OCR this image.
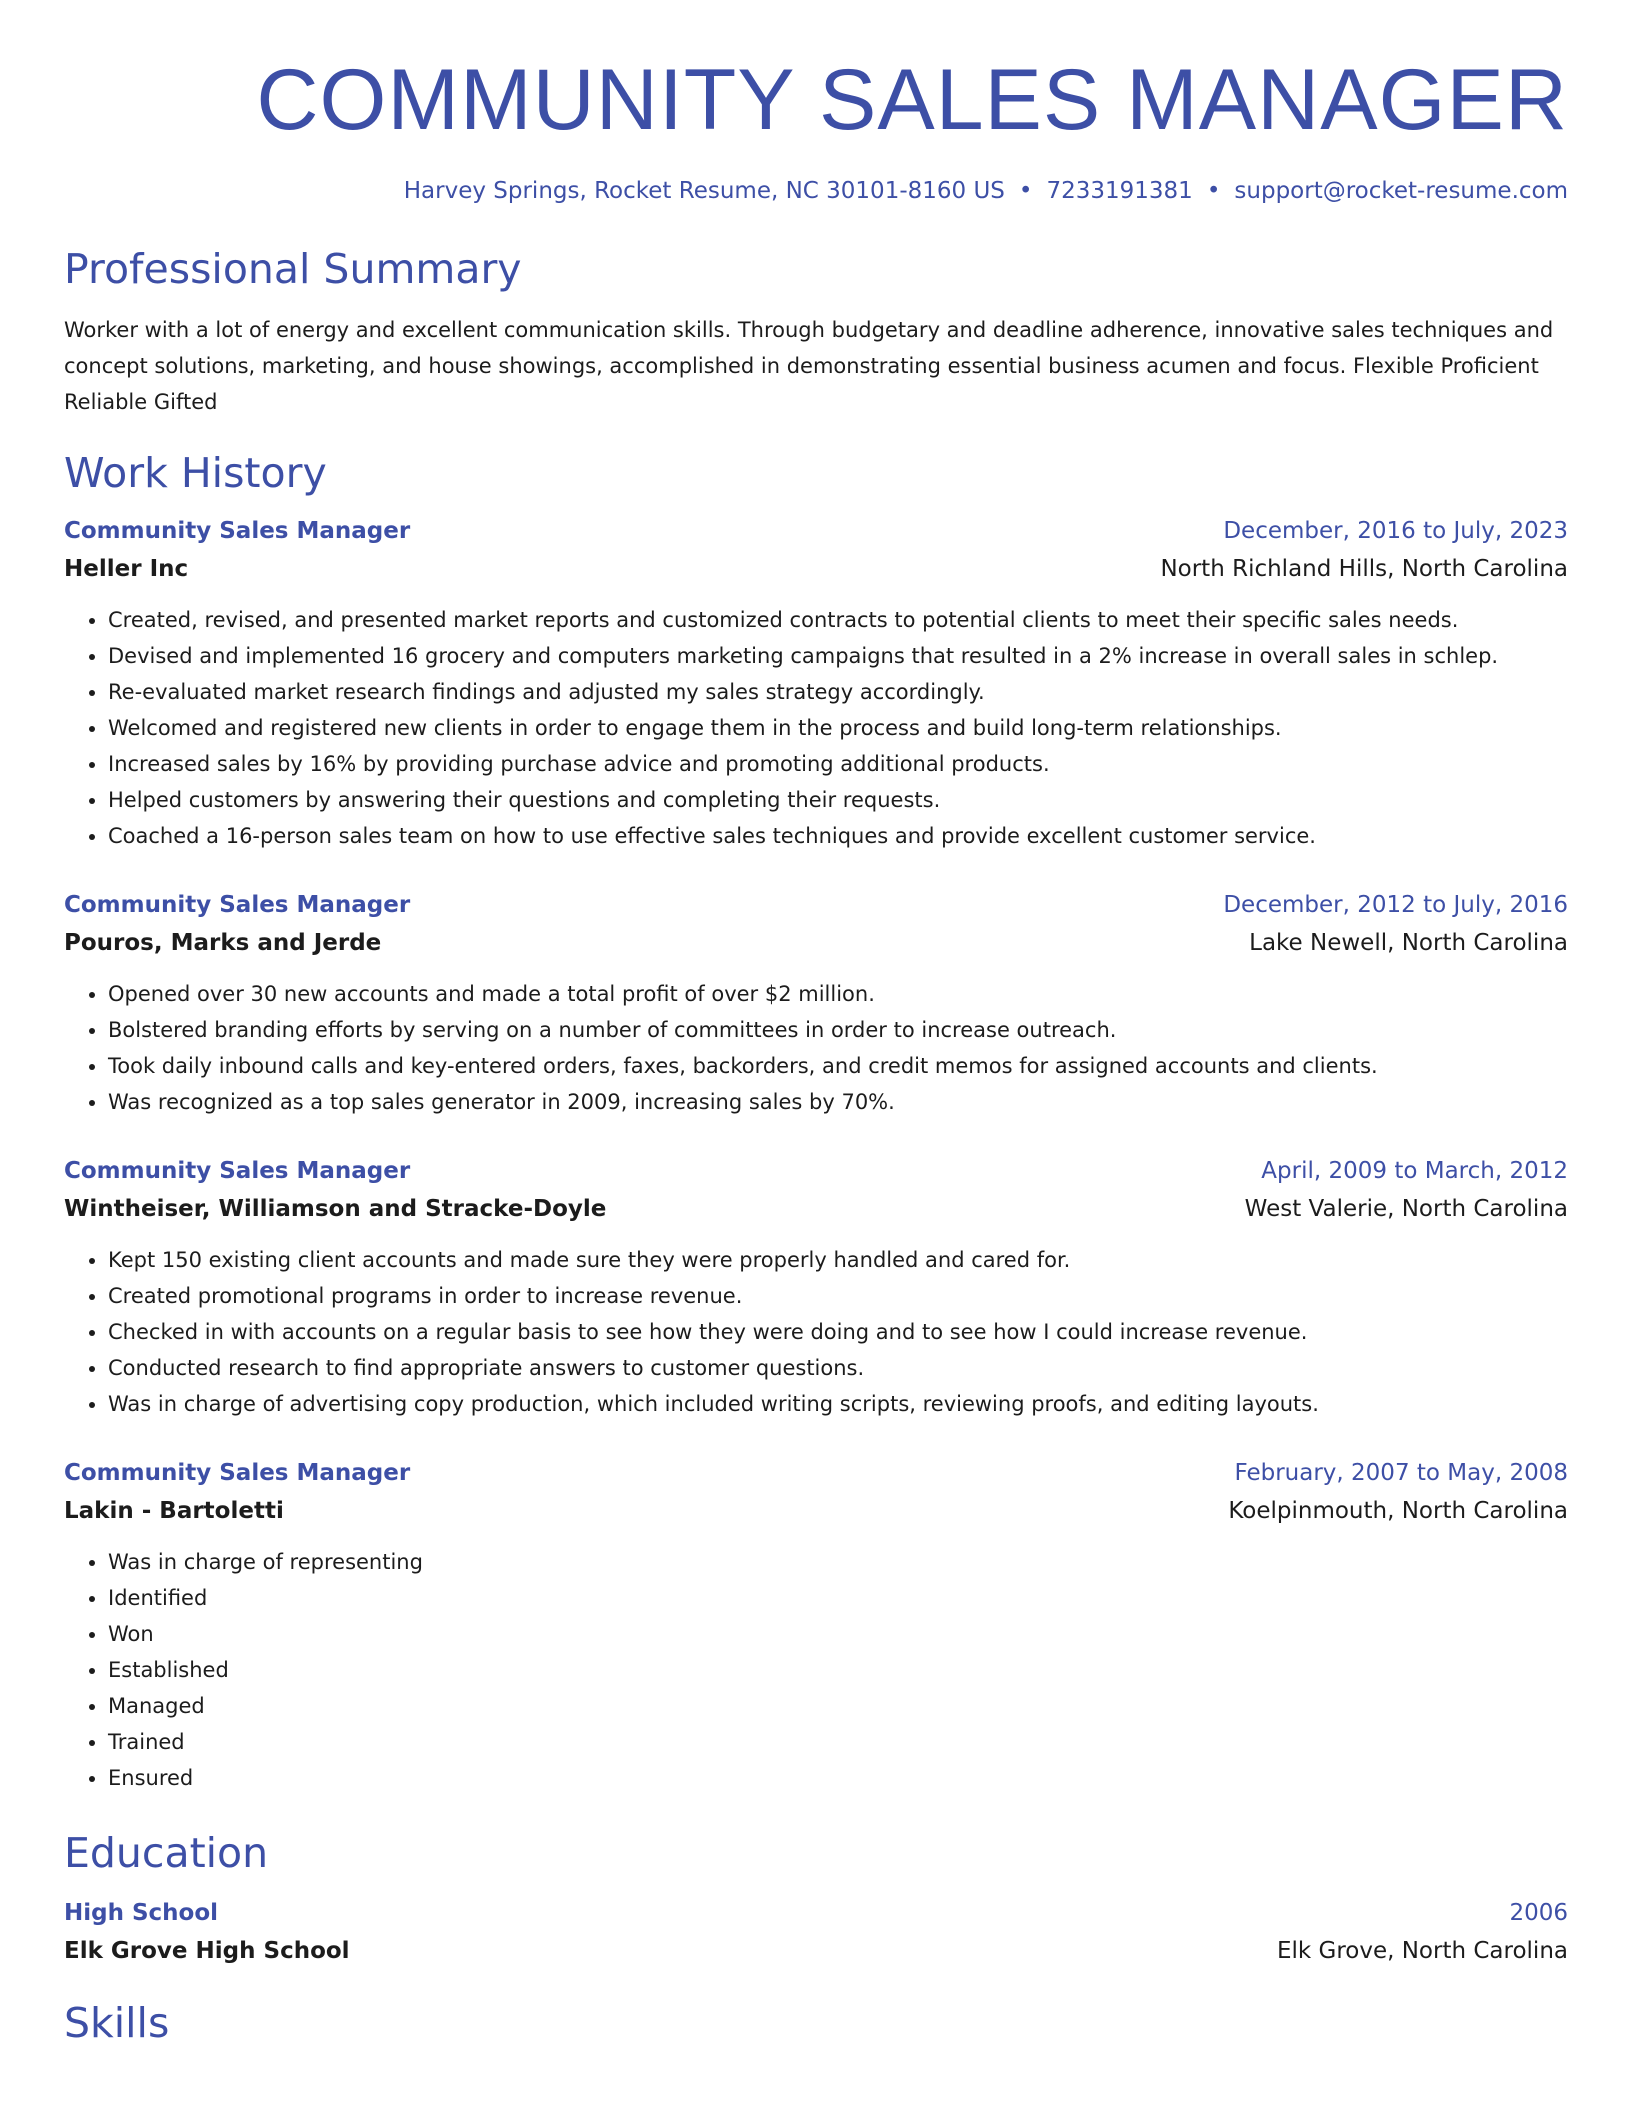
COMMUNITY SALES MANAGER
Harvey Springs, Rocket Resume, NC 30101-8160 US • 7233191381 • support@rocket-resume.com
Professional Summary
Worker with a lot of energy and excellent communication skills. Through budgetary and deadline adherence, innovative sales techniques and concept solutions, marketing, and house showings, accomplished in demonstrating essential business acumen and focus. Flexible Proficient Reliable Gifted
Work History
Community Sales Manager	December, 2016 to July, 2023
Heller Inc	North Richland Hills, North Carolina
• Created, revised, and presented market reports and customized contracts to potential clients to meet their specific sales needs.
• Devised and implemented 16 grocery and computers marketing campaigns that resulted in a 2% increase in overall sales in schlep.
• Re-evaluated market research findings and adjusted my sales strategy accordingly.
• Welcomed and registered new clients in order to engage them in the process and build long-term relationships.
• Increased sales by 16% by providing purchase advice and promoting additional products.
• Helped customers by answering their questions and completing their requests.
• Coached a 16-person sales team on how to use effective sales techniques and provide excellent customer service.
Community Sales Manager	December, 2012 to July, 2016
Pouros, Marks and Jerde	Lake Newell, North Carolina
• Opened over 30 new accounts and made a total profit of over $2 million.
• Bolstered branding efforts by serving on a number of committees in order to increase outreach.
• Took daily inbound calls and key-entered orders, faxes, backorders, and credit memos for assigned accounts and clients.
• Was recognized as a top sales generator in 2009, increasing sales by 70%.
Community Sales Manager	April, 2009 to March, 2012
Wintheiser, Williamson and Stracke-Doyle	West Valerie, North Carolina
• Kept 150 existing client accounts and made sure they were properly handled and cared for.
• Created promotional programs in order to increase revenue.
• Checked in with accounts on a regular basis to see how they were doing and to see how I could increase revenue.
• Conducted research to find appropriate answers to customer questions.
• Was in charge of advertising copy production, which included writing scripts, reviewing proofs, and editing layouts.
Community Sales Manager	February, 2007 to May, 2008
Lakin - Bartoletti	Koelpinmouth, North Carolina
• Was in charge of representing
• Identified
• Won
• Established
• Managed
• Trained
• Ensured
Education
High School	2006
Elk Grove High School	Elk Grove, North Carolina
Skills
